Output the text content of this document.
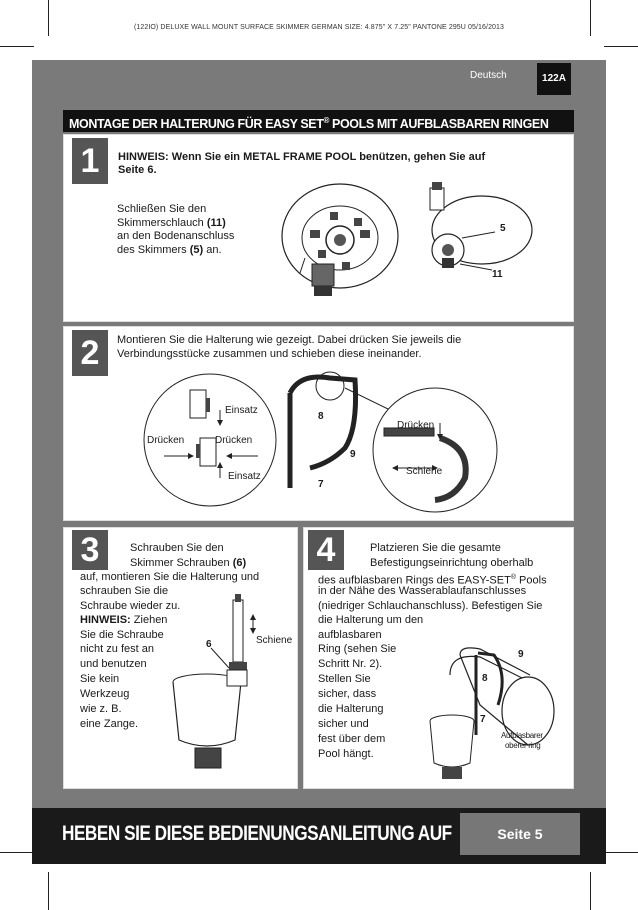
(122IO) DELUXE WALL MOUNT SURFACE SKIMMER GERMAN SIZE: 4.875" X 7.25" PANTONE 295U 05/16/2013
Deutsch	122A
MONTAGE DER HALTERUNG FÜR EASY SET® POOLS MIT AUFBLASBAREN RINGEN
1	HINWEIS: Wenn Sie ein METAL FRAME POOL benützen, gehen Sie auf
Seite 6.
Schließen Sie den
Skimmerschlauch (11)
an den Bodenanschluss
des Skimmers (5) an.
5
11
2	Montieren Sie die Halterung wie gezeigt. Dabei drücken Sie jeweils die
Verbindungsstücke zusammen und schieben diese ineinander.
Einsatz
Drücken	Drücken
Einsatz
8
9
7
Drücken
Schiene
3	Schrauben Sie den
Skimmer Schrauben (6)
auf, montieren Sie die Halterung und
schrauben Sie die
Schraube wieder zu.
HINWEIS: Ziehen
Sie die Schraube
nicht zu fest an
und benutzen
Sie kein
Werkzeug
wie z. B.
eine Zange.
6	Schiene
4	Platzieren Sie die gesamte
Befestigungseinrichtung oberhalb
des aufblasbaren Rings des EASY-SET® Pools
in der Nähe des Wasserablaufanschlusses
(niedriger Schlauchanschluss). Befestigen Sie
die Halterung um den
aufblasbaren
Ring (sehen Sie
Schritt Nr. 2).
Stellen Sie
sicher, dass
die Halterung
sicher und
fest über dem
Pool hängt.
9
8
7
Aufblasbarer
oberer ring
HEBEN SIE DIESE BEDIENUNGSANLEITUNG AUF	Seite 5
